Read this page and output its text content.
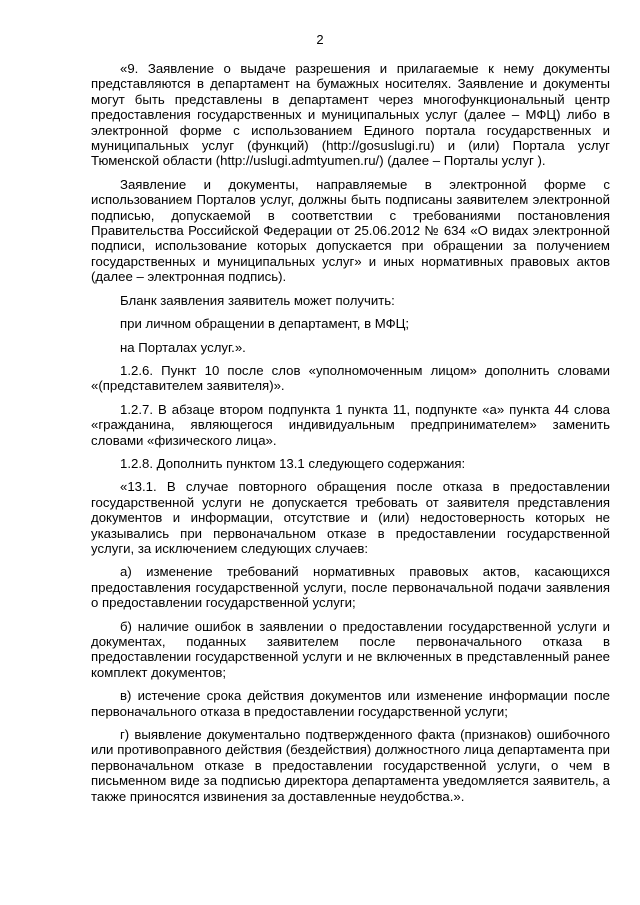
2

«9. Заявление о выдаче разрешения и прилагаемые к нему документы представляются в департамент на бумажных носителях. Заявление и документы могут быть представлены в департамент через многофункциональный центр предоставления государственных и муниципальных услуг (далее – МФЦ) либо в электронной форме с использованием Единого портала государственных и муниципальных услуг (функций) (http://gosuslugi.ru) и (или) Портала услуг Тюменской области (http://uslugi.admtyumen.ru/) (далее – Порталы услуг ).

Заявление и документы, направляемые в электронной форме с использованием Порталов услуг, должны быть подписаны заявителем электронной подписью, допускаемой в соответствии с требованиями постановления Правительства Российской Федерации от 25.06.2012 № 634 «О видах электронной подписи, использование которых допускается при обращении за получением государственных и муниципальных услуг» и иных нормативных правовых актов (далее – электронная подпись).

Бланк заявления заявитель может получить:

при личном обращении в департамент, в МФЦ;

на Порталах услуг.».

1.2.6. Пункт 10 после слов «уполномоченным лицом» дополнить словами «(представителем заявителя)».

1.2.7. В абзаце втором подпункта 1 пункта 11, подпункте «а» пункта 44 слова «гражданина, являющегося индивидуальным предпринимателем» заменить словами «физического лица».

1.2.8. Дополнить пунктом 13.1 следующего содержания:

«13.1. В случае повторного обращения после отказа в предоставлении государственной услуги не допускается требовать от заявителя представления документов и информации, отсутствие и (или) недостоверность которых не указывались при первоначальном отказе в предоставлении государственной услуги, за исключением следующих случаев:

а) изменение требований нормативных правовых актов, касающихся предоставления государственной услуги, после первоначальной подачи заявления о предоставлении государственной услуги;

б) наличие ошибок в заявлении о предоставлении государственной услуги и документах, поданных заявителем после первоначального отказа в предоставлении государственной услуги и не включенных в представленный ранее комплект документов;

в) истечение срока действия документов или изменение информации после первоначального отказа в предоставлении государственной услуги;

г) выявление документально подтвержденного факта (признаков) ошибочного или противоправного действия (бездействия) должностного лица департамента при первоначальном отказе в предоставлении государственной услуги, о чем в письменном виде за подписью директора департамента уведомляется заявитель, а также приносятся извинения за доставленные неудобства.».
